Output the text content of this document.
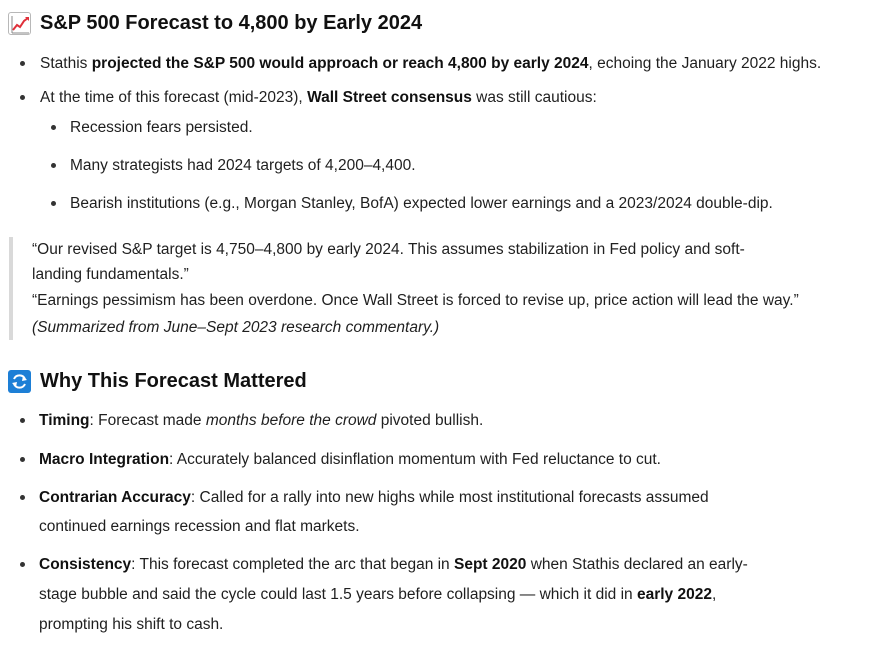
S&P 500 Forecast to 4,800 by Early 2024
Stathis projected the S&P 500 would approach or reach 4,800 by early 2024, echoing the January 2022 highs.
At the time of this forecast (mid-2023), Wall Street consensus was still cautious:
Recession fears persisted.
Many strategists had 2024 targets of 4,200–4,400.
Bearish institutions (e.g., Morgan Stanley, BofA) expected lower earnings and a 2023/2024 double-dip.
“Our revised S&P target is 4,750–4,800 by early 2024. This assumes stabilization in Fed policy and soft-
landing fundamentals.”
“Earnings pessimism has been overdone. Once Wall Street is forced to revise up, price action will lead the way.”
(Summarized from June–Sept 2023 research commentary.)
Why This Forecast Mattered
Timing: Forecast made months before the crowd pivoted bullish.
Macro Integration: Accurately balanced disinflation momentum with Fed reluctance to cut.
Contrarian Accuracy: Called for a rally into new highs while most institutional forecasts assumed
continued earnings recession and flat markets.
Consistency: This forecast completed the arc that began in Sept 2020 when Stathis declared an early-
stage bubble and said the cycle could last 1.5 years before collapsing — which it did in early 2022,
prompting his shift to cash.
